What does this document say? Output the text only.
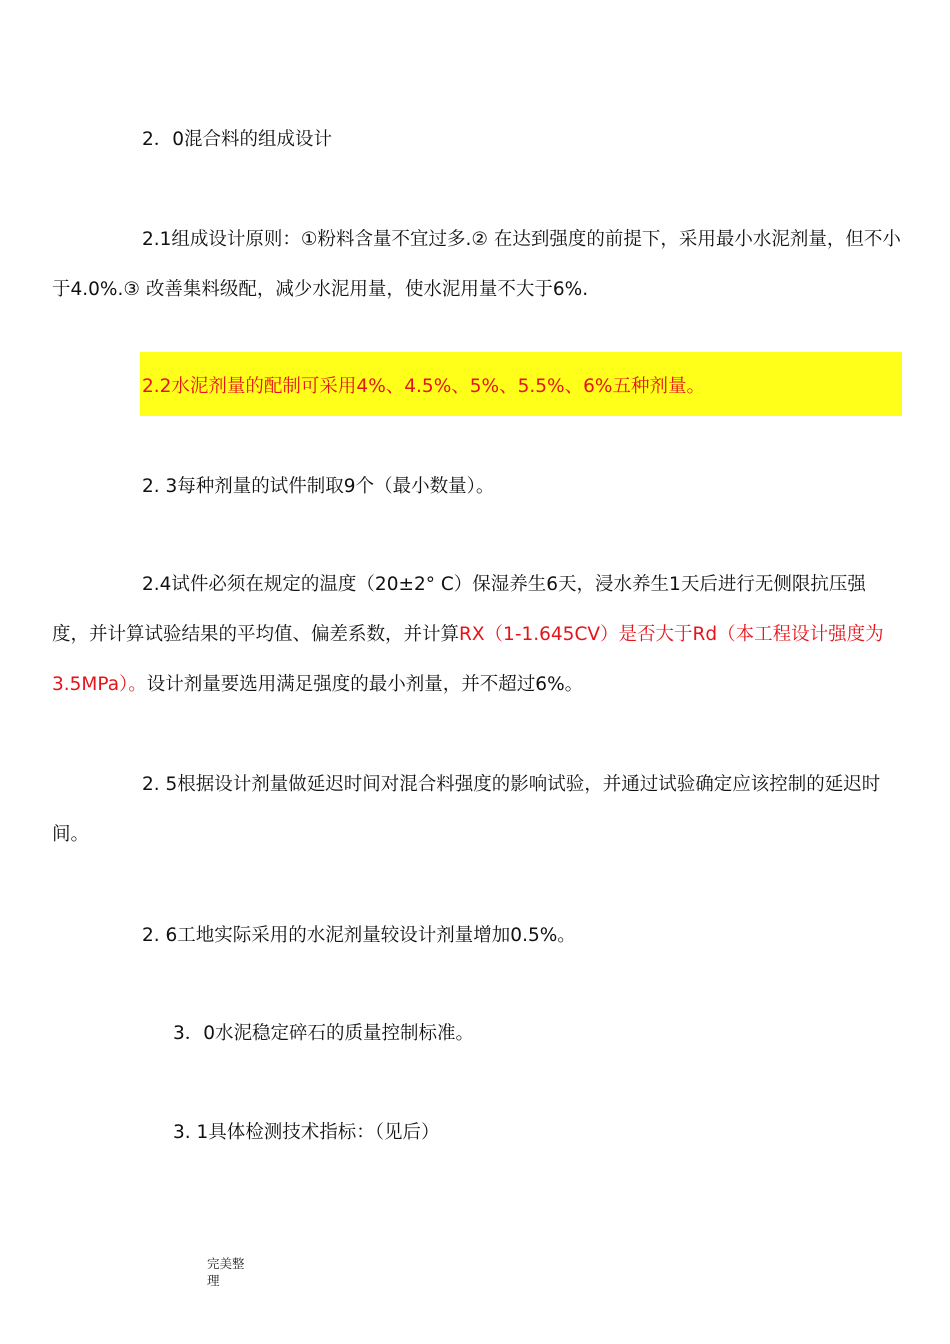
2．0混合料的组成设计

2.1组成设计原则：①粉料含量不宜过多.② 在达到强度的前提下，采用最小水泥剂量，但不小于4.0%.③ 改善集料级配，减少水泥用量，使水泥用量不大于6%.

2.2水泥剂量的配制可采用4%、4.5%、5%、5.5%、6%五种剂量。

2. 3每种剂量的试件制取9个（最小数量）。

2.4试件必须在规定的温度（20±2° C）保湿养生6天，浸水养生1天后进行无侧限抗压强度，并计算试验结果的平均值、偏差系数，并计算RX（1-1.645CV）是否大于Rd（本工程设计强度为3.5MPa）。设计剂量要选用满足强度的最小剂量，并不超过6%。

2. 5根据设计剂量做延迟时间对混合料强度的影响试验，并通过试验确定应该控制的延迟时间。

2. 6工地实际采用的水泥剂量较设计剂量增加0.5%。

3．0水泥稳定碎石的质量控制标准。

3. 1具体检测技术指标：（见后）

完美整
理
